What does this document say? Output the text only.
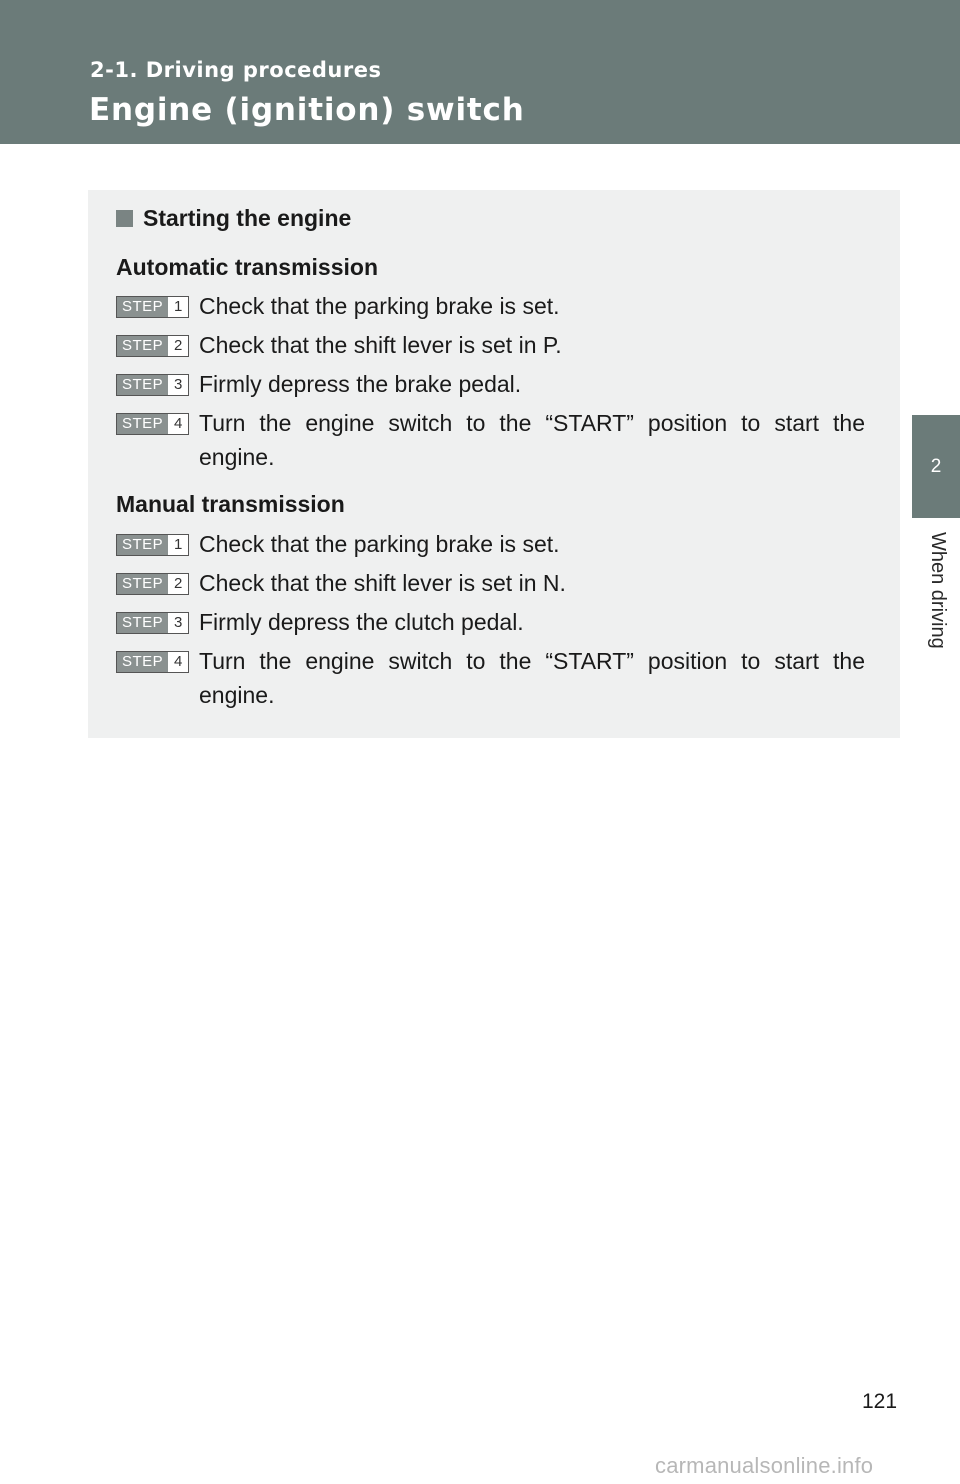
2-1. Driving procedures
Engine (ignition) switch
2
When driving
Starting the engine
Automatic transmission
STEP 1 Check that the parking brake is set.
STEP 2 Check that the shift lever is set in P.
STEP 3 Firmly depress the brake pedal.
STEP 4 Turn the engine switch to the “START” position to start the engine.
Manual transmission
STEP 1 Check that the parking brake is set.
STEP 2 Check that the shift lever is set in N.
STEP 3 Firmly depress the clutch pedal.
STEP 4 Turn the engine switch to the “START” position to start the engine.
121
carmanualsonline.info
